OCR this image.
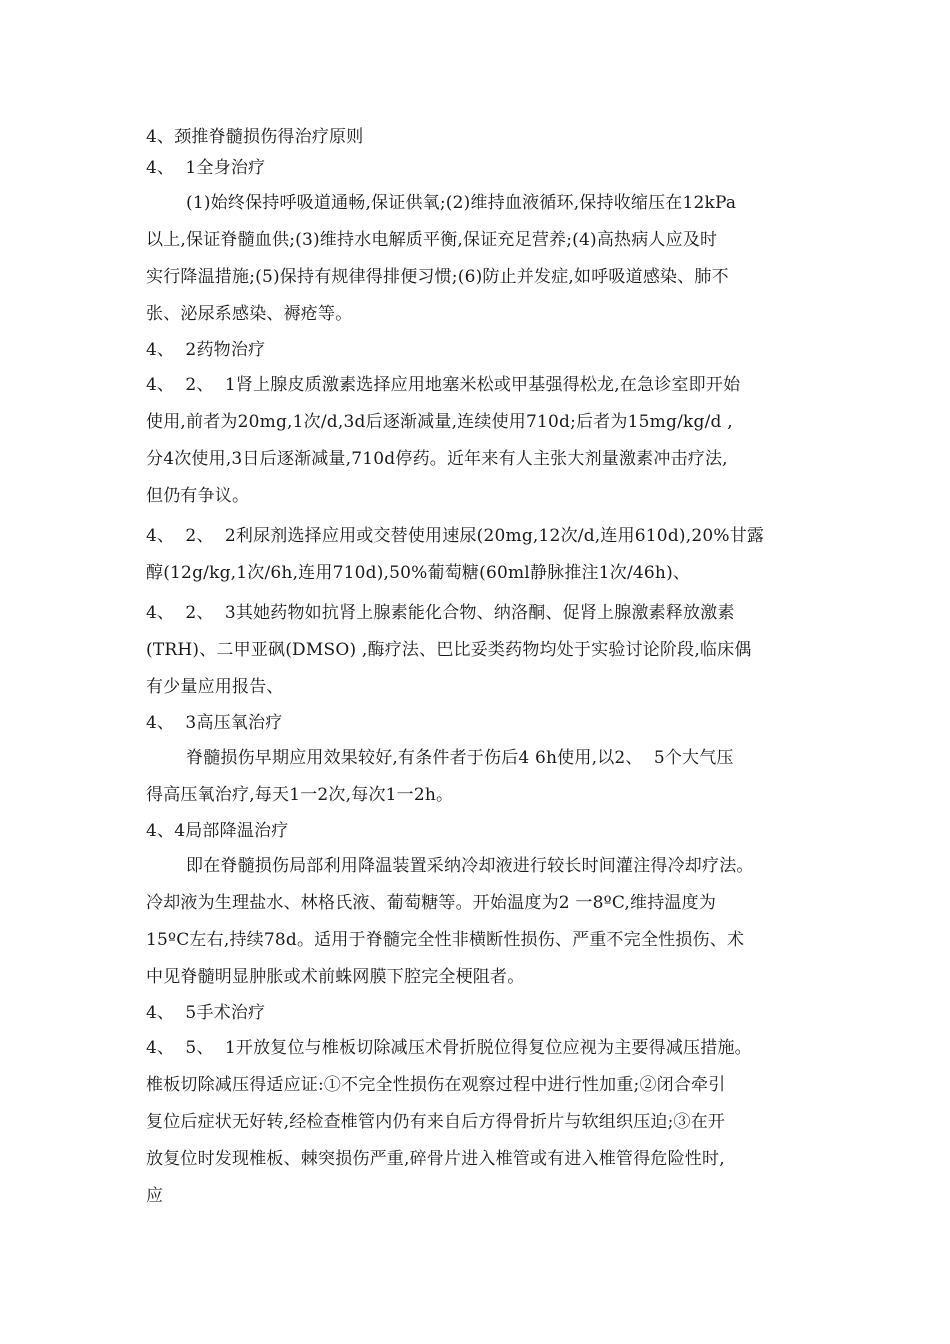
4、颈推脊髓损伤得治疗原则
4、  1全身治疗
(1)始终保持呼吸道通畅,保证供氧;(2)维持血液循环,保持收缩压在12kPa
以上,保证脊髓血供;(3)维持水电解质平衡,保证充足营养;(4)高热病人应及时
实行降温措施;(5)保持有规律得排便习惯;(6)防止并发症,如呼吸道感染、肺不
张、泌尿系感染、褥疮等。
4、  2药物治疗
4、  2、  1肾上腺皮质激素选择应用地塞米松或甲基强得松龙,在急诊室即开始
使用,前者为20mg,1次/d,3d后逐渐减量,连续使用710d;后者为15mg/kg/d ,
分4次使用,3日后逐渐减量,710d停药。近年来有人主张大剂量激素冲击疗法,
但仍有争议。
4、  2、  2利尿剂选择应用或交替使用速尿(20mg,12次/d,连用610d),20%甘露
醇(12g/kg,1次/6h,连用710d),50%葡萄糖(60ml静脉推注1次/46h)、
4、  2、  3其她药物如抗肾上腺素能化合物、纳洛酮、促肾上腺激素释放激素
(TRH)、二甲亚砜(DMSO) ,酶疗法、巴比妥类药物均处于实验讨论阶段,临床偶
有少量应用报告、
4、  3高压氧治疗
脊髓损伤早期应用效果较好,有条件者于伤后4 6h使用,以2、  5个大气压
得高压氧治疗,每天1一2次,每次1一2h。
4、4局部降温治疗
即在脊髓损伤局部利用降温装置采纳冷却液进行较长时间灌注得冷却疗法。
冷却液为生理盐水、林格氏液、葡萄糖等。开始温度为2 一8ºC,维持温度为
15ºC左右,持续78d。适用于脊髓完全性非横断性损伤、严重不完全性损伤、术
中见脊髓明显肿胀或术前蛛网膜下腔完全梗阻者。
4、  5手术治疗
4、  5、  1开放复位与椎板切除减压术骨折脱位得复位应视为主要得减压措施。
椎板切除减压得适应证:①不完全性损伤在观察过程中进行性加重;②闭合牵引
复位后症状无好转,经检查椎管内仍有来自后方得骨折片与软组织压迫;③在开
放复位时发现椎板、棘突损伤严重,碎骨片进入椎管或有进入椎管得危险性时,
应
